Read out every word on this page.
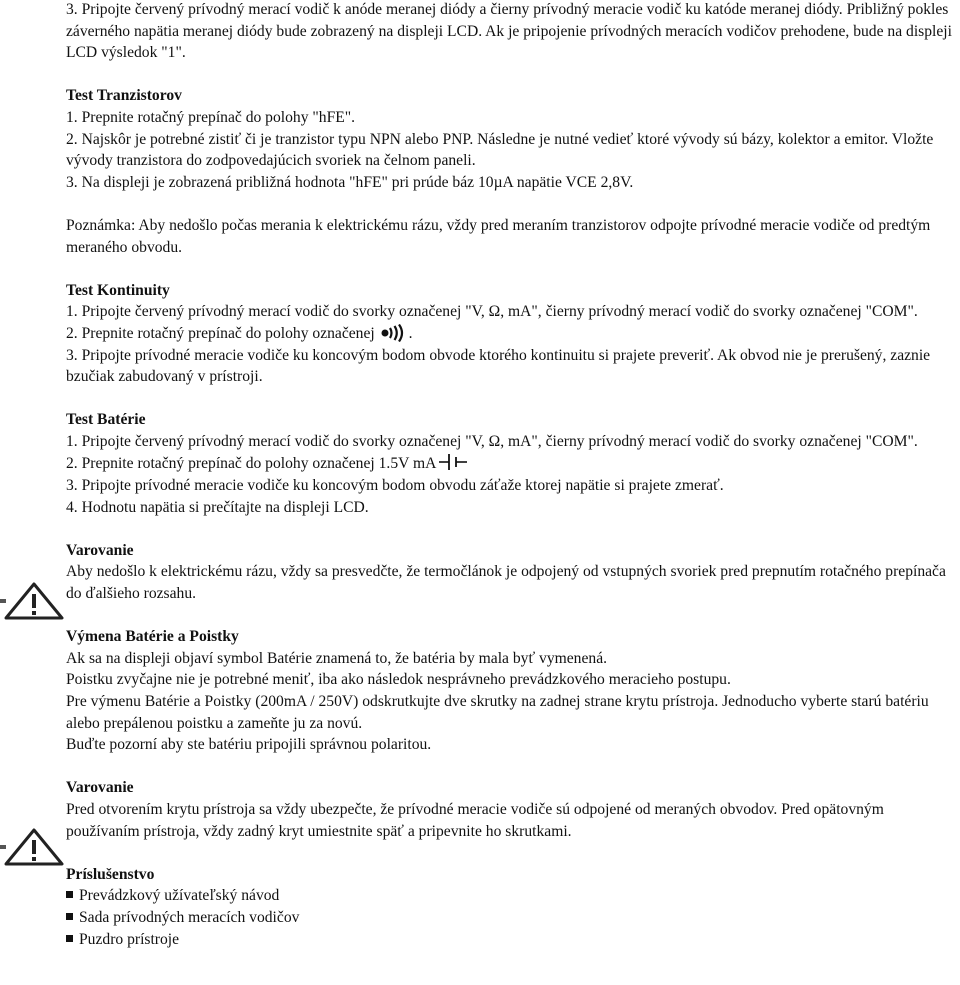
3. Pripojte červený prívodný merací vodič k anóde meranej diódy a čierny prívodný meracie vodič ku katóde meranej diódy. Približný pokles záverného napätia meranej diódy bude zobrazený na displeji LCD. Ak je pripojenie prívodných meracích vodičov prehodene, bude na displeji LCD výsledok "1".

Test Tranzistorov

1. Prepnite rotačný prepínač do polohy "hFE".

2. Najskôr je potrebné zistiť či je tranzistor typu NPN alebo PNP. Následne je nutné vedieť ktoré vývody sú bázy, kolektor a emitor. Vložte vývody tranzistora do zodpovedajúcich svoriek na čelnom paneli.

3. Na displeji je zobrazená približná hodnota "hFE" pri prúde báz 10µA napätie VCE 2,8V.

Poznámka: Aby nedošlo počas merania k elektrickému rázu, vždy pred meraním tranzistorov odpojte prívodné meracie vodiče od predtým meraného obvodu.

Test Kontinuity

1. Pripojte červený prívodný merací vodič do svorky označenej "V, Ω, mA", čierny prívodný merací vodič do svorky označenej "COM".

2. Prepnite rotačný prepínač do polohy označenej .

3. Pripojte prívodné meracie vodiče ku koncovým bodom obvode ktorého kontinuitu si prajete preveriť. Ak obvod nie je prerušený, zaznie bzučiak zabudovaný v prístroji.

Test Batérie

1. Pripojte červený prívodný merací vodič do svorky označenej "V, Ω, mA", čierny prívodný merací vodič do svorky označenej "COM".

2. Prepnite rotačný prepínač do polohy označenej 1.5V mA

3. Pripojte prívodné meracie vodiče ku koncovým bodom obvodu záťaže ktorej napätie si prajete zmerať.

4. Hodnotu napätia si prečítajte na displeji LCD.

Varovanie

Aby nedošlo k elektrickému rázu, vždy sa presvedčte, že termočlánok je odpojený od vstupných svoriek pred prepnutím rotačného prepínača do ďalšieho rozsahu.

Výmena Batérie a Poistky

Ak sa na displeji objaví symbol Batérie znamená to, že batéria by mala byť vymenená.

Poistku zvyčajne nie je potrebné meniť, iba ako následok nesprávneho prevádzkového meracieho postupu.

Pre výmenu Batérie a Poistky (200mA / 250V) odskrutkujte dve skrutky na zadnej strane krytu prístroja. Jednoducho vyberte starú batériu alebo prepálenou poistku a zameňte ju za novú.

Buďte pozorní aby ste batériu pripojili správnou polaritou.

Varovanie

Pred otvorením krytu prístroja sa vždy ubezpečte, že prívodné meracie vodiče sú odpojené od meraných obvodov. Pred opätovným používaním prístroja, vždy zadný kryt umiestnite späť a pripevnite ho skrutkami.

Príslušenstvo

Prevádzkový užívateľský návod

Sada prívodných meracích vodičov

Puzdro prístroje
